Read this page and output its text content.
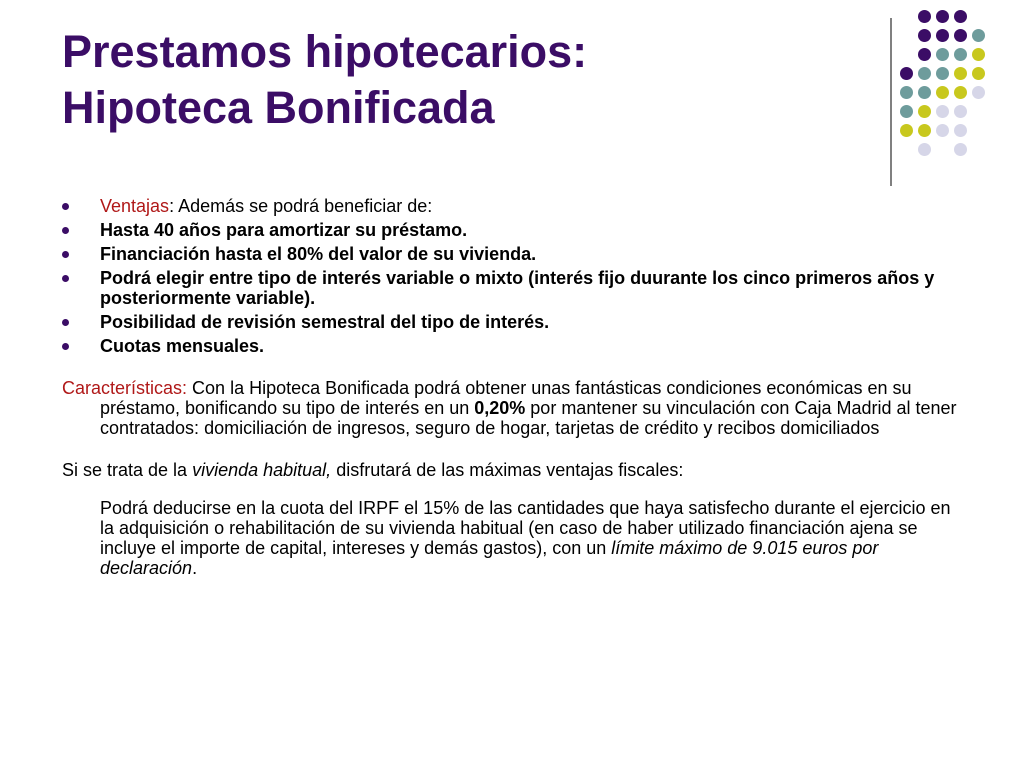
Prestamos hipotecarios:
Hipoteca Bonificada
Ventajas: Además se podrá beneficiar de:
Hasta 40 años para amortizar su préstamo.
Financiación hasta el 80% del valor de su vivienda.
Podrá elegir entre tipo de interés variable o mixto (interés fijo duurante los cinco primeros años y posteriormente variable).
Posibilidad de revisión semestral del tipo de interés.
Cuotas mensuales.
Características: Con la Hipoteca Bonificada podrá obtener unas fantásticas condiciones económicas en su préstamo, bonificando su tipo de interés en un 0,20% por mantener su vinculación con Caja Madrid al tener contratados: domiciliación de ingresos, seguro de hogar, tarjetas de crédito y recibos domiciliados
Si se trata de la vivienda habitual, disfrutará de las máximas ventajas fiscales:
Podrá deducirse en la cuota del IRPF el 15% de las cantidades que haya satisfecho durante el ejercicio en la adquisición o rehabilitación de su vivienda habitual (en caso de haber utilizado financiación ajena se incluye el importe de capital, intereses y demás gastos), con un límite máximo de 9.015 euros por declaración.
